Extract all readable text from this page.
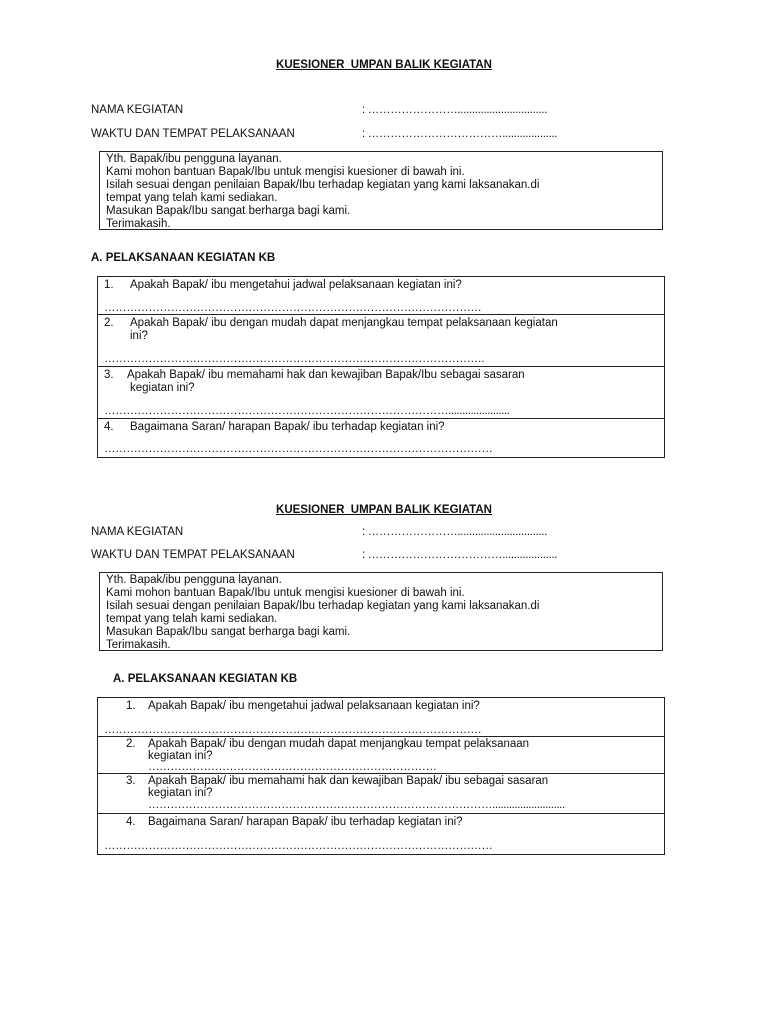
KUESIONER  UMPAN BALIK KEGIATAN
NAMA KEGIATAN	: ……………………...............................
WAKTU DAN TEMPAT PELAKSANAAN	: ………………………………...................
Yth. Bapak/ibu pengguna layanan.
Kami mohon bantuan Bapak/Ibu untuk mengisi kuesioner di bawah ini.
Isilah sesuai dengan penilaian Bapak/Ibu terhadap kegiatan yang kami laksanakan.di
tempat yang telah kami sediakan.
Masukan Bapak/Ibu sangat berharga bagi kami.
Terimakasih.
A. PELAKSANAAN KEGIATAN KB
1. Apakah Bapak/ ibu mengetahui jadwal pelaksanaan kegiatan ini?
…………………………………………………………………………………………
2. Apakah Bapak/ ibu dengan mudah dapat menjangkau tempat pelaksanaan kegiatan
ini?
………………………………………………………………………………………….
3. Apakah Bapak/ ibu memahami hak dan kewajiban Bapak/Ibu sebagai sasaran
kegiatan ini?
…………………………………………………………………………………......................
4. Bagaimana Saran/ harapan Bapak/ ibu terhadap kegiatan ini?
……………………………………………………………………………………………
KUESIONER  UMPAN BALIK KEGIATAN
NAMA KEGIATAN	: ……………………...............................
WAKTU DAN TEMPAT PELAKSANAAN	: ………………………………...................
Yth. Bapak/ibu pengguna layanan.
Kami mohon bantuan Bapak/Ibu untuk mengisi kuesioner di bawah ini.
Isilah sesuai dengan penilaian Bapak/Ibu terhadap kegiatan yang kami laksanakan.di
tempat yang telah kami sediakan.
Masukan Bapak/Ibu sangat berharga bagi kami.
Terimakasih.
A. PELAKSANAAN KEGIATAN KB
1. Apakah Bapak/ ibu mengetahui jadwal pelaksanaan kegiatan ini?
…………………………………………………………………………………………
2. Apakah Bapak/ ibu dengan mudah dapat menjangkau tempat pelaksanaan
kegiatan ini?
……………………………………………………………………
3. Apakah Bapak/ ibu memahami hak dan kewajiban Bapak/ ibu sebagai sasaran
kegiatan ini?
…………………………………………………………………………………..........................
4. Bagaimana Saran/ harapan Bapak/ ibu terhadap kegiatan ini?
……………………………………………………………………………………………
